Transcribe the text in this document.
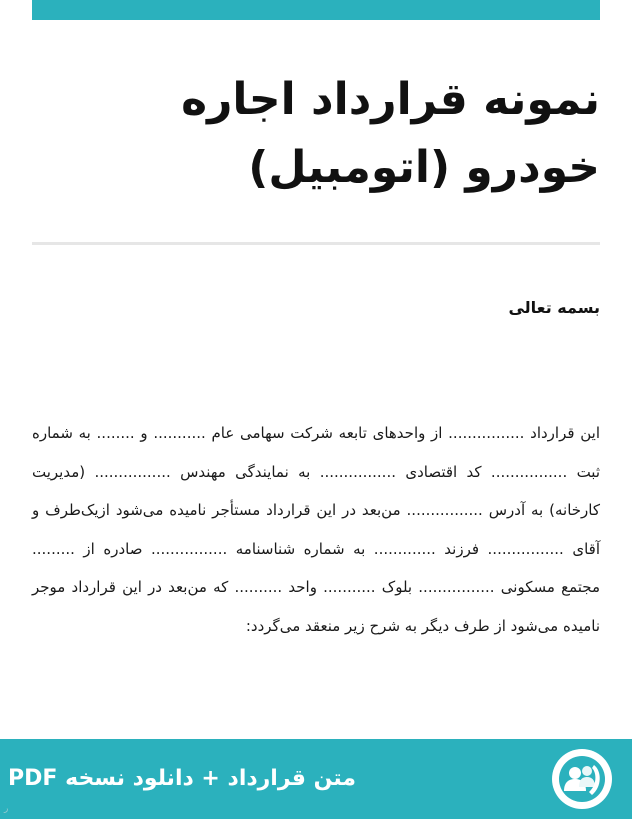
نمونه قرارداد اجاره خودرو (اتومبیل)
بسمه تعالی

این قرارداد ................ از واحدهای تابعه شرکت سهامی عام ........... و ........ به شماره ثبت ................ کد اقتصادی ................ به نمایندگی مهندس ................ (مدیریت کارخانه) به آدرس ................ من‌بعد در این قرارداد مستأجر نامیده می‌شود ازیک‌طرف و آقای ................ فرزند ............. به شماره شناسنامه ................ صادره از ......... مجتمع مسکونی ................ بلوک ........... واحد .......... که من‌بعد در این قرارداد موجر نامیده می‌شود از طرف دیگر به شرح زیر منعقد می‌گردد:

متن قرارداد + دانلود نسخه PDF
ر
